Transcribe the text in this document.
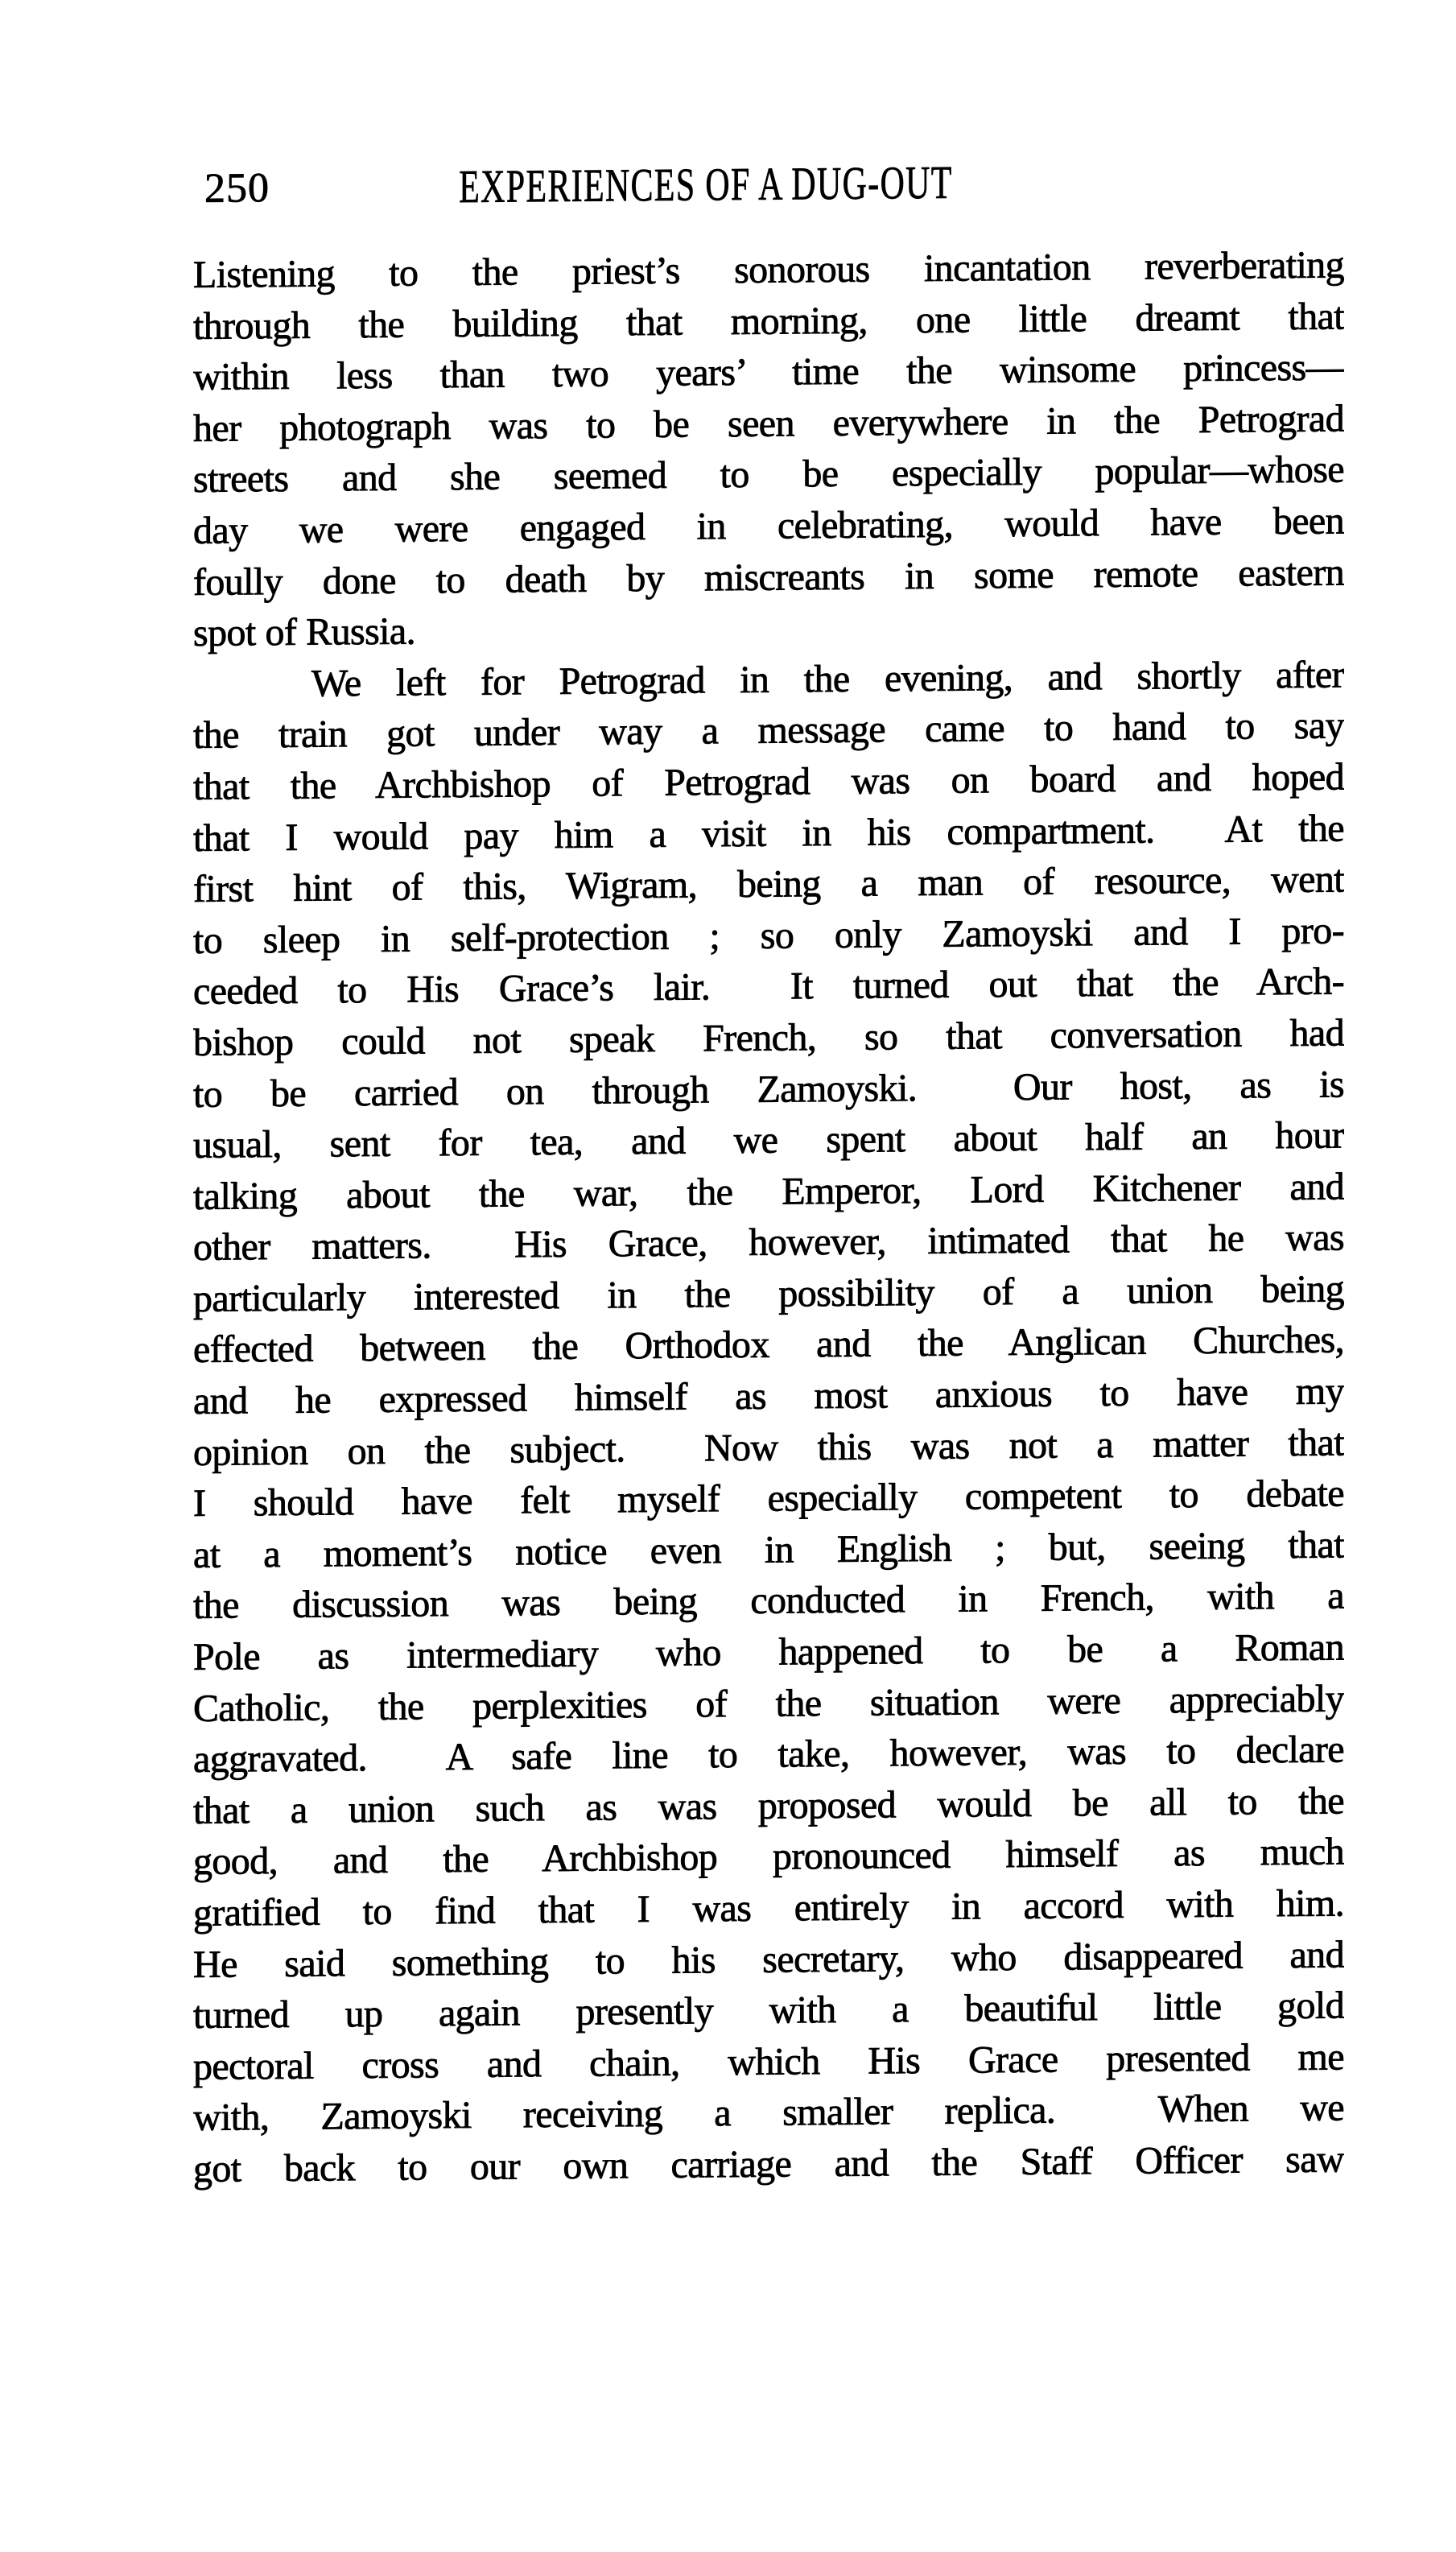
250	EXPERIENCES OF A DUG-OUT
Listening to the priest’s sonorous incantation reverberating
through the building that morning, one little dreamt that
within less than two years’ time the winsome princess—
her photograph was to be seen everywhere in the Petrograd
streets and she seemed to be especially popular—whose
day we were engaged in celebrating, would have been
foully done to death by miscreants in some remote eastern
spot of Russia.
We left for Petrograd in the evening, and shortly after
the train got under way a message came to hand to say
that the Archbishop of Petrograd was on board and hoped
that I would pay him a visit in his compartment.  At the
first hint of this, Wigram, being a man of resource, went
to sleep in self-protection ; so only Zamoyski and I pro-
ceeded to His Grace’s lair.  It turned out that the Arch-
bishop could not speak French, so that conversation had
to be carried on through Zamoyski.  Our host, as is
usual, sent for tea, and we spent about half an hour
talking about the war, the Emperor, Lord Kitchener and
other matters.  His Grace, however, intimated that he was
particularly interested in the possibility of a union being
effected between the Orthodox and the Anglican Churches,
and he expressed himself as most anxious to have my
opinion on the subject.  Now this was not a matter that
I should have felt myself especially competent to debate
at a moment’s notice even in English ; but, seeing that
the discussion was being conducted in French, with a
Pole as intermediary who happened to be a Roman
Catholic, the perplexities of the situation were appreciably
aggravated.  A safe line to take, however, was to declare
that a union such as was proposed would be all to the
good, and the Archbishop pronounced himself as much
gratified to find that I was entirely in accord with him.
He said something to his secretary, who disappeared and
turned up again presently with a beautiful little gold
pectoral cross and chain, which His Grace presented me
with, Zamoyski receiving a smaller replica.  When we
got back to our own carriage and the Staff Officer saw
